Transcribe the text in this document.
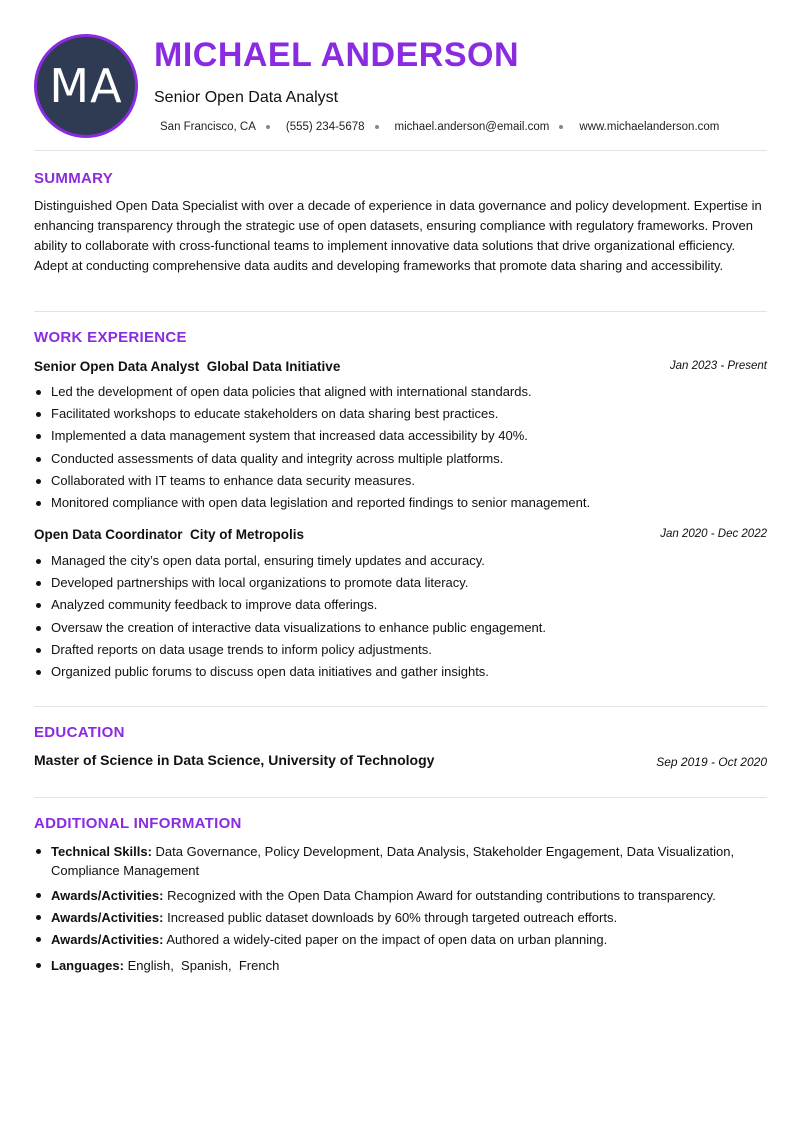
MA
MICHAEL ANDERSON
Senior Open Data Analyst
San Francisco, CA	(555) 234-5678	michael.anderson@email.com	www.michaelanderson.com
SUMMARY
Distinguished Open Data Specialist with over a decade of experience in data governance and policy development. Expertise in enhancing transparency through the strategic use of open datasets, ensuring compliance with regulatory frameworks. Proven ability to collaborate with cross-functional teams to implement innovative data solutions that drive organizational efficiency. Adept at conducting comprehensive data audits and developing frameworks that promote data sharing and accessibility.
WORK EXPERIENCE
Senior Open Data Analyst  Global Data Initiative	Jan 2023 - Present
Led the development of open data policies that aligned with international standards.
Facilitated workshops to educate stakeholders on data sharing best practices.
Implemented a data management system that increased data accessibility by 40%.
Conducted assessments of data quality and integrity across multiple platforms.
Collaborated with IT teams to enhance data security measures.
Monitored compliance with open data legislation and reported findings to senior management.
Open Data Coordinator  City of Metropolis	Jan 2020 - Dec 2022
Managed the city’s open data portal, ensuring timely updates and accuracy.
Developed partnerships with local organizations to promote data literacy.
Analyzed community feedback to improve data offerings.
Oversaw the creation of interactive data visualizations to enhance public engagement.
Drafted reports on data usage trends to inform policy adjustments.
Organized public forums to discuss open data initiatives and gather insights.
EDUCATION
Master of Science in Data Science, University of Technology	Sep 2019 - Oct 2020
ADDITIONAL INFORMATION
Technical Skills: Data Governance, Policy Development, Data Analysis, Stakeholder Engagement, Data Visualization, Compliance Management
Awards/Activities: Recognized with the Open Data Champion Award for outstanding contributions to transparency.
Awards/Activities: Increased public dataset downloads by 60% through targeted outreach efforts.
Awards/Activities: Authored a widely-cited paper on the impact of open data on urban planning.
Languages: English,  Spanish,  French
